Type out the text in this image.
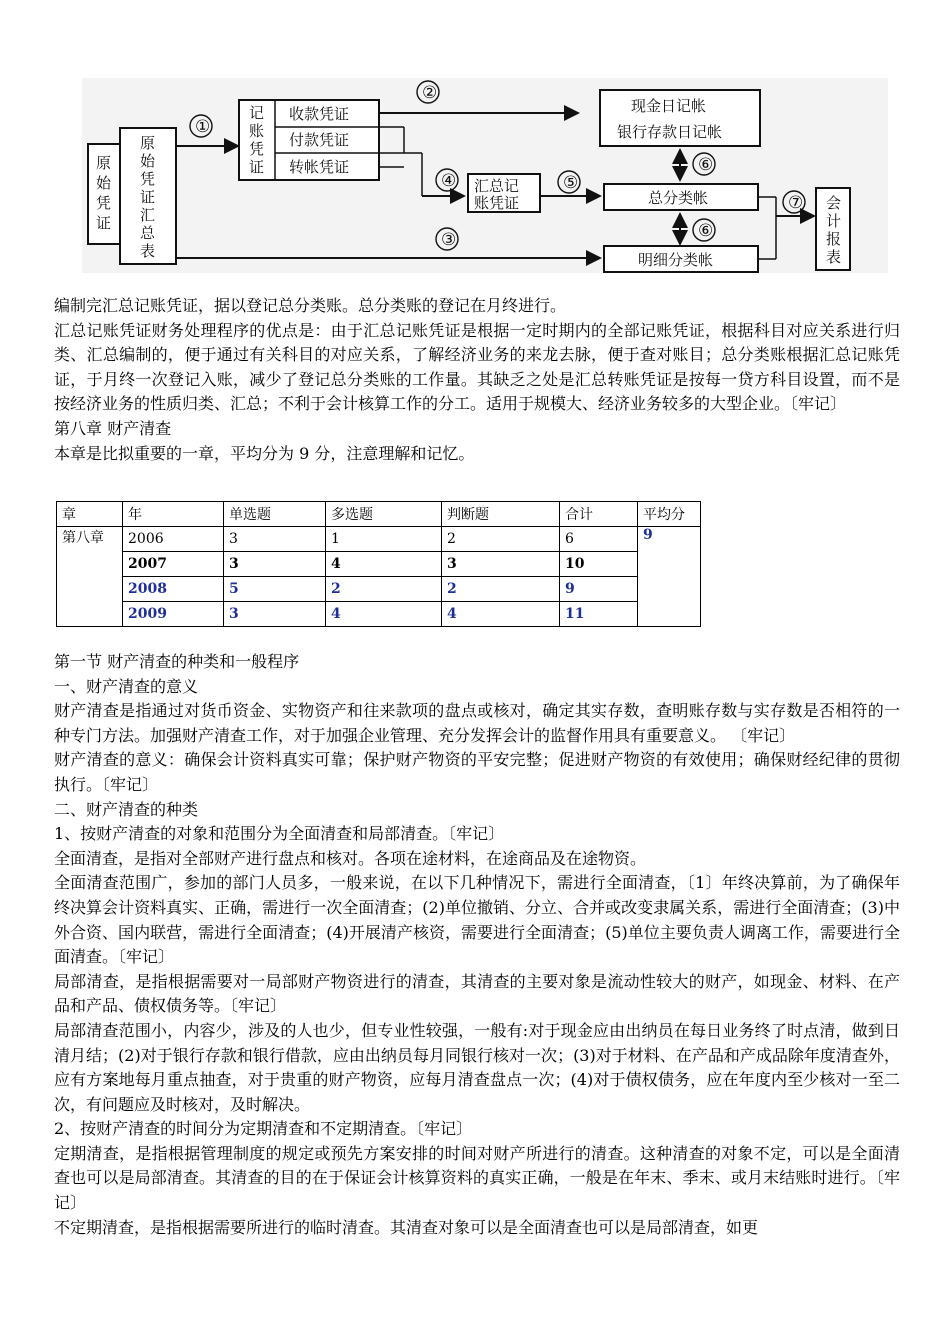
原
始
凭
证
原
始
凭
证
汇
总
表
①
记
账
凭
证
收款凭证
付款凭证
转帐凭证
②
④ 汇总记
账凭证
⑤
③
现金日记帐
银行存款日记帐
⑥
总分类帐
⑥
明细分类帐
⑦ 会
计
报
表

编制完汇总记账凭证，据以登记总分类账。总分类账的登记在月终进行。

汇总记账凭证财务处理程序的优点是：由于汇总记账凭证是根据一定时期内的全部记账凭证，根据科目对应关系进行归类、汇总编制的，便于通过有关科目的对应关系，了解经济业务的来龙去脉，便于查对账目；总分类账根据汇总记账凭证，于月终一次登记入账，减少了登记总分类账的工作量。其缺乏之处是汇总转账凭证是按每一贷方科目设置，而不是按经济业务的性质归类、汇总；不利于会计核算工作的分工。适用于规模大、经济业务较多的大型企业。〔牢记〕

第八章 财产清查

本章是比拟重要的一章，平均分为 9 分，注意理解和记忆。

章	年	单选题	多选题	判断题	合计	平均分
第八章	2006	3	1	2	6	9
	2007	3	4	3	10	
	2008	5	2	2	9	
	2009	3	4	4	11	

第一节 财产清查的种类和一般程序

一、财产清查的意义

财产清查是指通过对货币资金、实物资产和往来款项的盘点或核对，确定其实存数，查明账存数与实存数是否相符的一种专门方法。加强财产清查工作，对于加强企业管理、充分发挥会计的监督作用具有重要意义。 〔牢记〕

财产清查的意义：确保会计资料真实可靠；保护财产物资的平安完整；促进财产物资的有效使用；确保财经纪律的贯彻执行。〔牢记〕

二、财产清查的种类

1、按财产清查的对象和范围分为全面清查和局部清查。〔牢记〕

全面清查，是指对全部财产进行盘点和核对。各项在途材料，在途商品及在途物资。

全面清查范围广，参加的部门人员多，一般来说，在以下几种情况下，需进行全面清查，〔1〕年终决算前，为了确保年终决算会计资料真实、正确，需进行一次全面清查；(2)单位撤销、分立、合并或改变隶属关系，需进行全面清查；(3)中外合资、国内联营，需进行全面清查；(4)开展清产核资，需要进行全面清查；(5)单位主要负责人调离工作，需要进行全面清查。〔牢记〕

局部清查，是指根据需要对一局部财产物资进行的清查，其清查的主要对象是流动性较大的财产，如现金、材料、在产品和产品、债权债务等。〔牢记〕

局部清查范围小，内容少，涉及的人也少，但专业性较强，一般有:对于现金应由出纳员在每日业务终了时点清，做到日清月结；(2)对于银行存款和银行借款，应由出纳员每月同银行核对一次；(3)对于材料、在产品和产成品除年度清查外，应有方案地每月重点抽查，对于贵重的财产物资，应每月清查盘点一次；(4)对于债权债务，应在年度内至少核对一至二次，有问题应及时核对，及时解决。

2、按财产清查的时间分为定期清查和不定期清查。〔牢记〕

定期清查，是指根据管理制度的规定或预先方案安排的时间对财产所进行的清查。这种清查的对象不定，可以是全面清查也可以是局部清查。其清查的目的在于保证会计核算资料的真实正确，一般是在年末、季末、或月末结账时进行。〔牢记〕

不定期清查，是指根据需要所进行的临时清查。其清查对象可以是全面清查也可以是局部清查，如更
